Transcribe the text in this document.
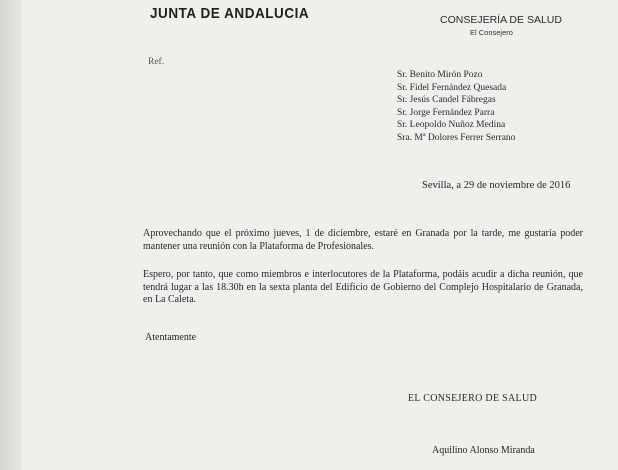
JUNTA DE ANDALUCIA	CONSEJERÍA DE SALUD
El Consejero
Ref.
Sr. Benito Mirón Pozo
Sr. Fidel Fernández Quesada
Sr. Jesús Candel Fábregas
Sr. Jorge Fernández Parra
Sr. Leopoldo Nuñoz Medina
Sra. Mª Dolores Ferrer Serrano
Sevilla, a 29 de noviembre de 2016
Aprovechando que el próximo jueves, 1 de diciembre, estaré en Granada por la tarde, me gustaría poder mantener una reunión con la Plataforma de Profesionales.
Espero, por tanto, que como miembros e interlocutores de la Plataforma, podáis acudir a dicha reunión, que tendrá lugar a las 18.30h en la sexta planta del Edificio de Gobierno del Complejo Hospitalario de Granada, en La Caleta.
Atentamente
EL CONSEJERO DE SALUD
Aquilino Alonso Miranda
